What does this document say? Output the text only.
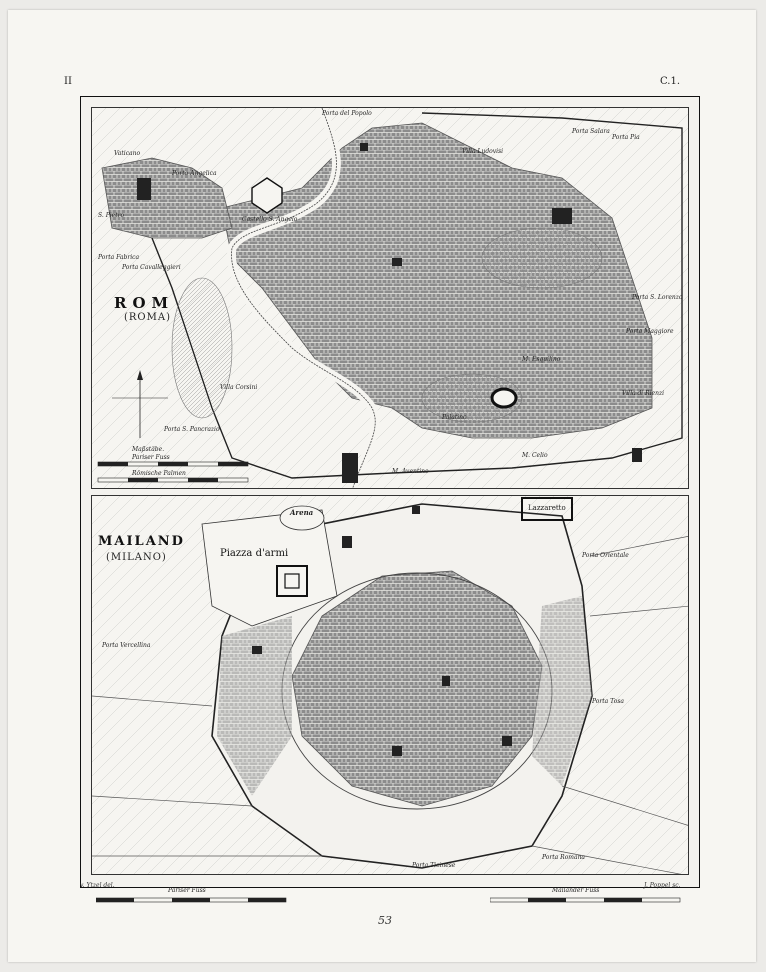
II	C.1.
ROM
(ROMA)
Porta del Popolo
Porta Salara
Porta Pia
Villa Ludovisi
Vaticano
Porta Angelica
Castello S. Angelo
S. Pietro
Porta Fabrica
Porta Cavalleggieri
Villa Corsini
Porta S. Pancrazio
Porta S. Lorenzo
M. Esquilino
Porta Maggiore
Villa di Rienzi
M. Aventino
Palatino
M. Celio
Maßstäbe.
Pariser Fuss
Römische Palmen
MAILAND
(MILANO)
Arena
Piazza d'armi
Lazzaretto
Porta Tosa
Porta Romana
Porta Ticinese
Porta Vercellina
Porta Orientale
v. Ytzel del.	J. Poppel sc.
Pariser Fuss	Mailänder Fuss
53
